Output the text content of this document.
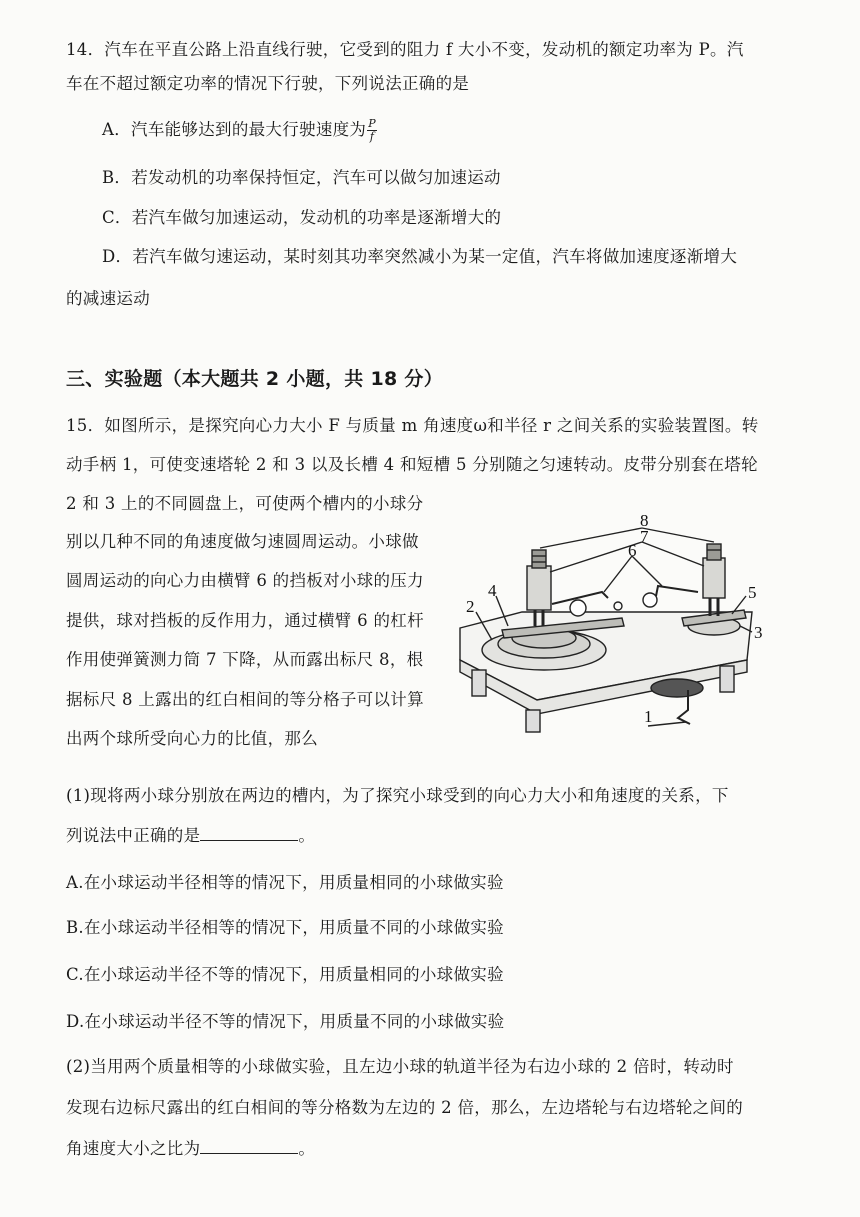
14．汽车在平直公路上沿直线行驶，它受到的阻力 f 大小不变，发动机的额定功率为 P。汽
车在不超过额定功率的情况下行驶，下列说法正确的是
A．汽车能够达到的最大行驶速度为 $\frac{P}{f}$
B．若发动机的功率保持恒定，汽车可以做匀加速运动
C．若汽车做匀加速运动，发动机的功率是逐渐增大的
D．若汽车做匀速运动，某时刻其功率突然减小为某一定值，汽车将做加速度逐渐增大
的减速运动
三、实验题（本大题共 2 小题，共 18 分）
15．如图所示，是探究向心力大小 F 与质量 m 角速度ω和半径 r 之间关系的实验装置图。转
动手柄 1，可使变速塔轮 2 和 3 以及长槽 4 和短槽 5 分别随之匀速转动。皮带分别套在塔轮
2 和 3 上的不同圆盘上，可使两个槽内的小球分
别以几种不同的角速度做匀速圆周运动。小球做
圆周运动的向心力由横臂 6 的挡板对小球的压力
提供，球对挡板的反作用力，通过横臂 6 的杠杆
作用使弹簧测力筒 7 下降，从而露出标尺 8，根
据标尺 8 上露出的红白相间的等分格子可以计算
出两个球所受向心力的比值，那么
1
2
3
4	5
6
7
8
(1)现将两小球分别放在两边的槽内，为了探究小球受到的向心力大小和角速度的关系，下
列说法中正确的是	。
A.在小球运动半径相等的情况下，用质量相同的小球做实验
B.在小球运动半径相等的情况下，用质量不同的小球做实验
C.在小球运动半径不等的情况下，用质量相同的小球做实验
D.在小球运动半径不等的情况下，用质量不同的小球做实验
(2)当用两个质量相等的小球做实验，且左边小球的轨道半径为右边小球的 2 倍时，转动时
发现右边标尺露出的红白相间的等分格数为左边的 2 倍，那么，左边塔轮与右边塔轮之间的
角速度大小之比为	。
